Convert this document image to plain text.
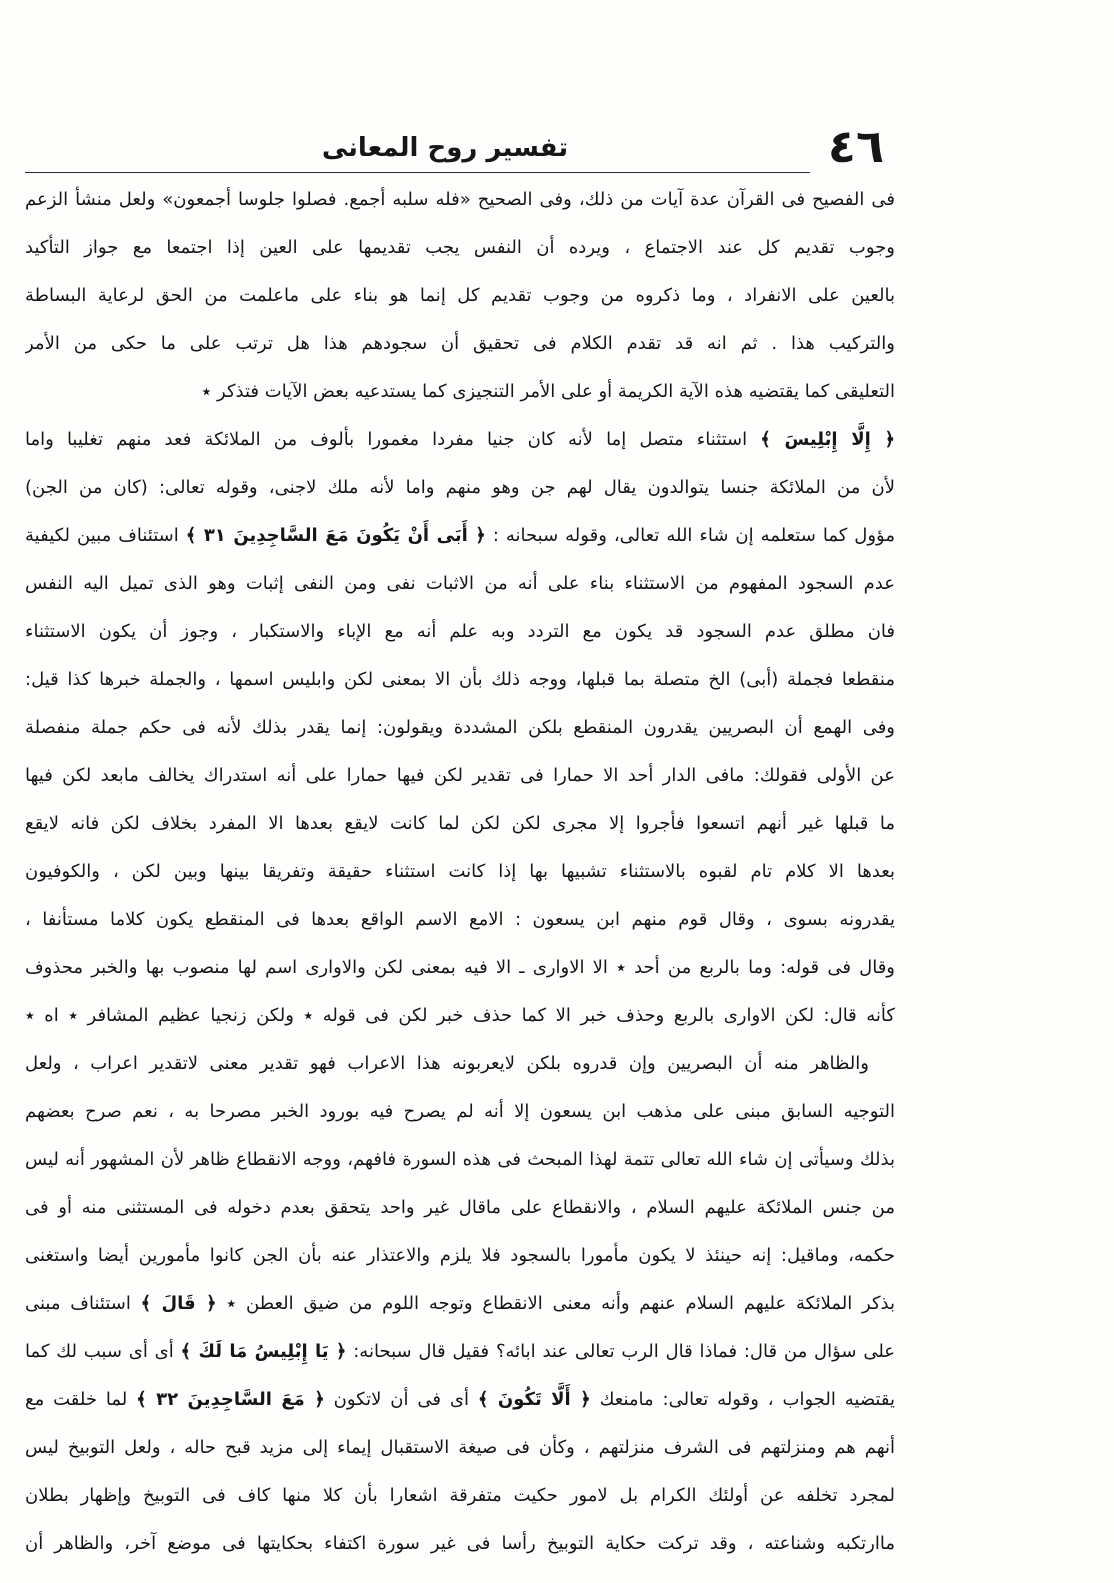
٤٦
تفسير روح المعانى
فى الفصيح فى القرآن عدة آيات من ذلك، وفى الصحيح «فله سلبه أجمع. فصلوا جلوسا أجمعون» ولعل منشأ الزعم
وجوب تقديم كل عند الاجتماع ، ويرده أن النفس يجب تقديمها على العين إذا اجتمعا مع جواز التأكيد
بالعين على الانفراد ، وما ذكروه من وجوب تقديم كل إنما هو بناء على ماعلمت من الحق لرعاية البساطة
والتركيب هذا . ثم انه قد تقدم الكلام فى تحقيق أن سجودهم هذا هل ترتب على ما حكى من الأمر
التعليقى كما يقتضيه هذه الآية الكريمة أو على الأمر التنجيزى كما يستدعيه بعض الآيات فتذكر ٭
﴿ إِلَّا إِبْلِيسَ ﴾ استثناء متصل إما لأنه كان جنيا مفردا مغمورا بألوف من الملائكة فعد منهم تغليبا واما
لأن من الملائكة جنسا يتوالدون يقال لهم جن وهو منهم واما لأنه ملك لاجنى، وقوله تعالى: (كان من الجن)
مؤول كما ستعلمه إن شاء الله تعالى، وقوله سبحانه : ﴿ أَبَى أَنْ يَكُونَ مَعَ السَّاجِدِينَ ٣١ ﴾ استئناف مبين لكيفية
عدم السجود المفهوم من الاستثناء بناء على أنه من الاثبات نفى ومن النفى إثبات وهو الذى تميل اليه النفس
فان مطلق عدم السجود قد يكون مع التردد وبه علم أنه مع الإباء والاستكبار ، وجوز أن يكون الاستثناء
منقطعا فجملة (أبى) الخ متصلة بما قبلها، ووجه ذلك بأن الا بمعنى لكن وابليس اسمها ، والجملة خبرها كذا قيل:
وفى الهمع أن البصريين يقدرون المنقطع بلكن المشددة ويقولون: إنما يقدر بذلك لأنه فى حكم جملة منفصلة
عن الأولى فقولك: مافى الدار أحد الا حمارا فى تقدير لكن فيها حمارا على أنه استدراك يخالف مابعد لكن فيها
ما قبلها غير أنهم اتسعوا فأجروا إلا مجرى لكن لكن لما كانت لايقع بعدها الا المفرد بخلاف لكن فانه لايقع
بعدها الا كلام تام لقبوه بالاستثناء تشبيها بها إذا كانت استثناء حقيقة وتفريقا بينها وبين لكن ، والكوفيون
يقدرونه بسوى ، وقال قوم منهم ابن يسعون : الامع الاسم الواقع بعدها فى المنقطع يكون كلاما مستأنفا ،
وقال فى قوله: وما بالربع من أحد ٭ الا الاوارى ـ الا فيه بمعنى لكن والاوارى اسم لها منصوب بها والخبر محذوف
كأنه قال: لكن الاوارى بالربع وحذف خبر الا كما حذف خبر لكن فى قوله ٭ ولكن زنجيا عظيم المشافر ٭ اه ٭
والظاهر منه أن البصريين وإن قدروه بلكن لايعربونه هذا الاعراب فهو تقدير معنى لاتقدير اعراب ، ولعل
التوجيه السابق مبنى على مذهب ابن يسعون إلا أنه لم يصرح فيه بورود الخبر مصرحا به ، نعم صرح بعضهم
بذلك وسيأتى إن شاء الله تعالى تتمة لهذا المبحث فى هذه السورة فافهم، ووجه الانقطاع ظاهر لأن المشهور أنه ليس
من جنس الملائكة عليهم السلام ، والانقطاع على ماقال غير واحد يتحقق بعدم دخوله فى المستثنى منه أو فى
حكمه، وماقيل: إنه حينئذ لا يكون مأمورا بالسجود فلا يلزم والاعتذار عنه بأن الجن كانوا مأمورين أيضا واستغنى
بذكر الملائكة عليهم السلام عنهم وأنه معنى الانقطاع وتوجه اللوم من ضيق العطن ٭ ﴿ قَالَ ﴾ استئناف مبنى
على سؤال من قال: فماذا قال الرب تعالى عند ابائه؟ فقيل قال سبحانه: ﴿ يَا إِبْلِيسُ مَا لَكَ ﴾ أى أى سبب لك كما
يقتضيه الجواب ، وقوله تعالى: مامنعك ﴿ أَلَّا تَكُونَ ﴾ أى فى أن لاتكون ﴿ مَعَ السَّاجِدِينَ ٣٢ ﴾ لما خلقت مع
أنهم هم ومنزلتهم فى الشرف منزلتهم ، وكأن فى صيغة الاستقبال إيماء إلى مزيد قبح حاله ، ولعل التوبيخ ليس
لمجرد تخلفه عن أولئك الكرام بل لامور حكيت متفرقة اشعارا بأن كلا منها كاف فى التوبيخ وإظهار بطلان
ماارتكبه وشناعته ، وقد تركت حكاية التوبيخ رأسا فى غير سورة اكتفاء بحكايتها فى موضع آخر، والظاهر أن
